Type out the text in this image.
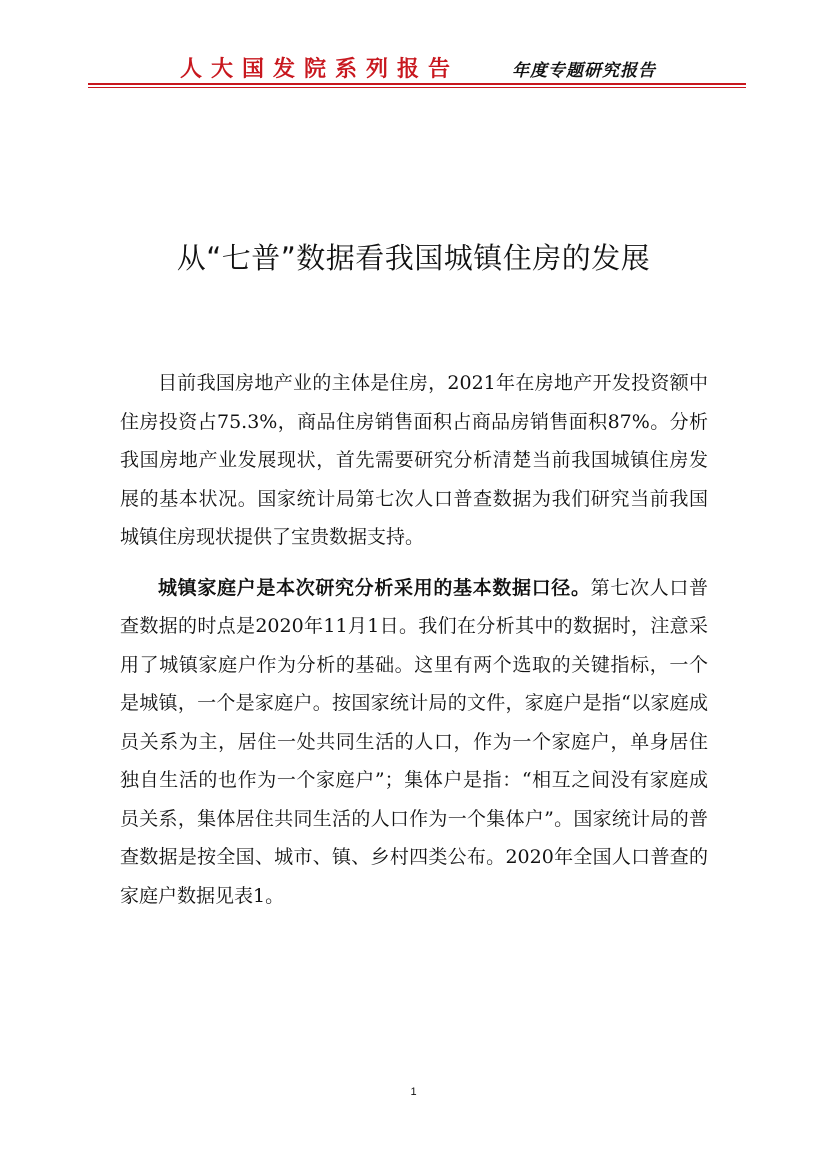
人大国发院系列报告	年度专题研究报告
从“七普”数据看我国城镇住房的发展

目前我国房地产业的主体是住房，2021年在房地产开发投资额中住房投资占75.3%，商品住房销售面积占商品房销售面积87%。分析我国房地产业发展现状，首先需要研究分析清楚当前我国城镇住房发展的基本状况。国家统计局第七次人口普查数据为我们研究当前我国城镇住房现状提供了宝贵数据支持。

城镇家庭户是本次研究分析采用的基本数据口径。第七次人口普查数据的时点是2020年11月1日。我们在分析其中的数据时，注意采用了城镇家庭户作为分析的基础。这里有两个选取的关键指标，一个是城镇，一个是家庭户。按国家统计局的文件，家庭户是指“以家庭成员关系为主，居住一处共同生活的人口，作为一个家庭户，单身居住独自生活的也作为一个家庭户”；集体户是指：“相互之间没有家庭成员关系，集体居住共同生活的人口作为一个集体户”。国家统计局的普查数据是按全国、城市、镇、乡村四类公布。2020年全国人口普查的家庭户数据见表1。

1
